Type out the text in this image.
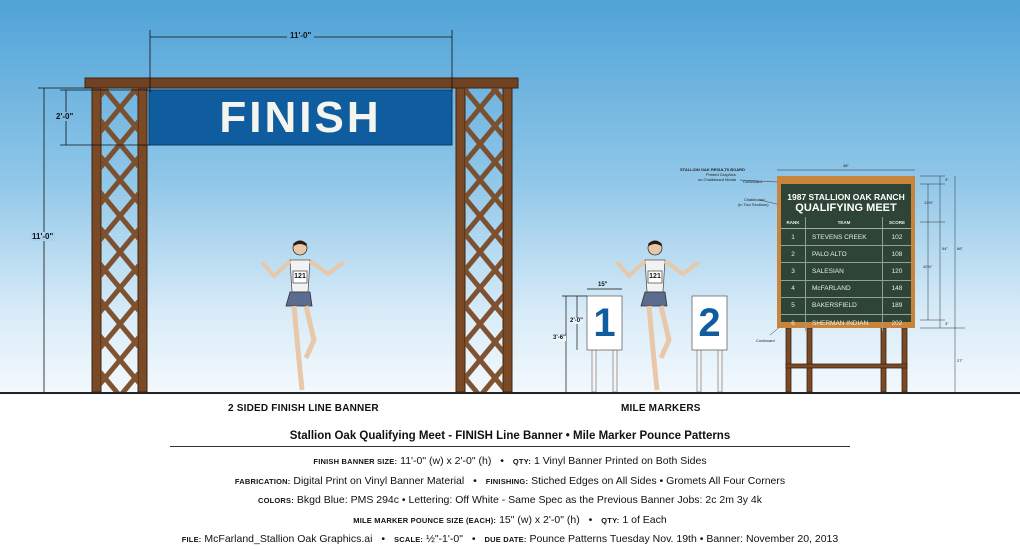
FINISH
11'-0"
2'-0"
11'-0"
121	121
1 2
15"
2'-0"
3'-6"
1987 STALLION OAK RANCH
QUALIFYING MEET
RANK	TEAM	SCORE
1	STEVENS CREEK	102
2	PALO ALTO	108
3	SALESIAN	120
4	McFARLAND	148
5	BAKERSFIELD	189
6	SHERMAN INDIAN	202
STALLION OAK RESULTS BOARD
Printed Graphics
on Chalkboard Media Corkboard
Chalkboard
(in Two Sections)
Corkboard
48"
3"
13½"
42½"
3"
54" 66"
27"
2 SIDED FINISH LINE BANNER	MILE MARKERS
Stallion Oak Qualifying Meet - FINISH Line Banner • Mile Marker Pounce Patterns
FINISH BANNER SIZE: 11'-0" (w) x 2'-0" (h) • QTY: 1 Vinyl Banner Printed on Both Sides
FABRICATION: Digital Print on Vinyl Banner Material • FINISHING: Stiched Edges on All Sides • Gromets All Four Corners
COLORS: Bkgd Blue: PMS 294c • Lettering: Off White - Same Spec as the Previous Banner Jobs: 2c 2m 3y 4k
MILE MARKER POUNCE SIZE (EACH): 15" (w) x 2'-0" (h) • QTY: 1 of Each
FILE: McFarland_Stallion Oak Graphics.ai • SCALE: ½"-1'-0" • DUE DATE: Pounce Patterns Tuesday Nov. 19th • Banner: November 20, 2013
